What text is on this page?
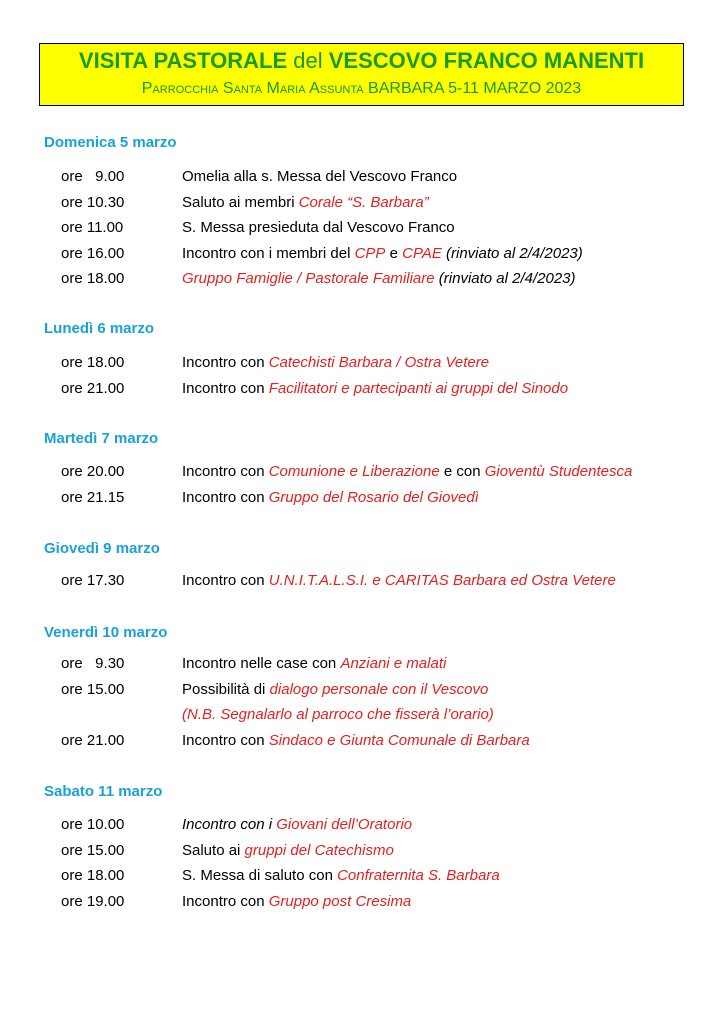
VISITA PASTORALE del VESCOVO FRANCO MANENTI
Parrocchia Santa Maria Assunta BARBARA 5-11 MARZO 2023
Domenica 5 marzo
ore   9.00	Omelia alla s. Messa del Vescovo Franco
ore 10.30	Saluto ai membri Corale “S. Barbara”
ore 11.00	S. Messa presieduta dal Vescovo Franco
ore 16.00	Incontro con i membri del CPP e CPAE (rinviato al 2/4/2023)
ore 18.00	Gruppo Famiglie / Pastorale Familiare (rinviato al 2/4/2023)
Lunedì 6 marzo
ore 18.00	Incontro con Catechisti Barbara / Ostra Vetere
ore 21.00	Incontro con Facilitatori e partecipanti ai gruppi del Sinodo
Martedì 7 marzo
ore 20.00	Incontro con Comunione e Liberazione e con Gioventù Studentesca
ore 21.15	Incontro con Gruppo del Rosario del Giovedì
Giovedì 9 marzo
ore 17.30	Incontro con U.N.I.T.A.L.S.I. e CARITAS Barbara ed Ostra Vetere
Venerdì 10 marzo
ore   9.30	Incontro nelle case con Anziani e malati
ore 15.00	Possibilità di dialogo personale con il Vescovo
(N.B. Segnalarlo al parroco che fisserà l’orario)
ore 21.00	Incontro con Sindaco e Giunta Comunale di Barbara
Sabato 11 marzo
ore 10.00	Incontro con i Giovani dell’Oratorio
ore 15.00	Saluto ai gruppi del Catechismo
ore 18.00	S. Messa di saluto con Confraternita S. Barbara
ore 19.00	Incontro con Gruppo post Cresima
